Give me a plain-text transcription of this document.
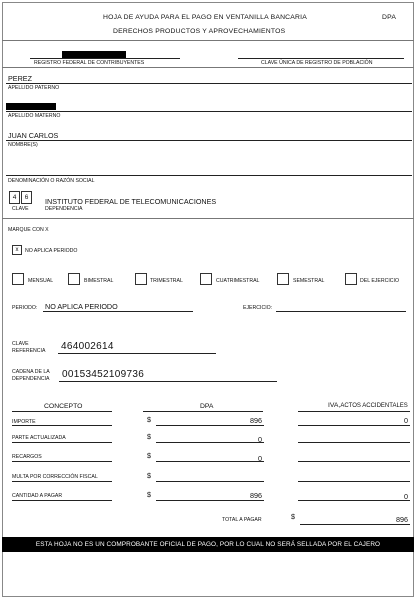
HOJA DE AYUDA PARA EL PAGO EN VENTANILLA BANCARIA
DERECHOS PRODUCTOS Y APROVECHAMIENTOS
DPA
REGISTRO FEDERAL DE CONTRIBUYENTES	CLAVE ÚNICA DE REGISTRO DE POBLACIÓN
PEREZ
APELLIDO PATERNO
APELLIDO MATERNO
JUAN CARLOS
NOMBRE(S)
DENOMINACIÓN O RAZÓN SOCIAL
4	6
CLAVE
INSTITUTO FEDERAL DE TELECOMUNICACIONES
DEPENDENCIA
MARQUE CON X
x	NO APLICA PERIODO
MENSUAL	BIMESTRAL	TRIMESTRAL	CUATRIMESTRAL	SEMESTRAL	DEL EJERCICIO
PERIODO: NO APLICA PERIODO	EJERCICIO:
CLAVE
REFERENCIA 464002614
CADENA DE LA
DEPENDENCIA 00153452109736
CONCEPTO	DPA	IVA,ACTOS ACCIDENTALES
IMPORTE	$	896	0
PARTE ACTUALIZADA	$	0
RECARGOS	$	0
MULTA POR CORRECCIÓN FISCAL	$
CANTIDAD A PAGAR	$	896	0
TOTAL A PAGAR	$	896
ESTA HOJA NO ES UN COMPROBANTE OFICIAL DE PAGO, POR LO CUAL NO SERÁ SELLADA POR EL CAJERO
